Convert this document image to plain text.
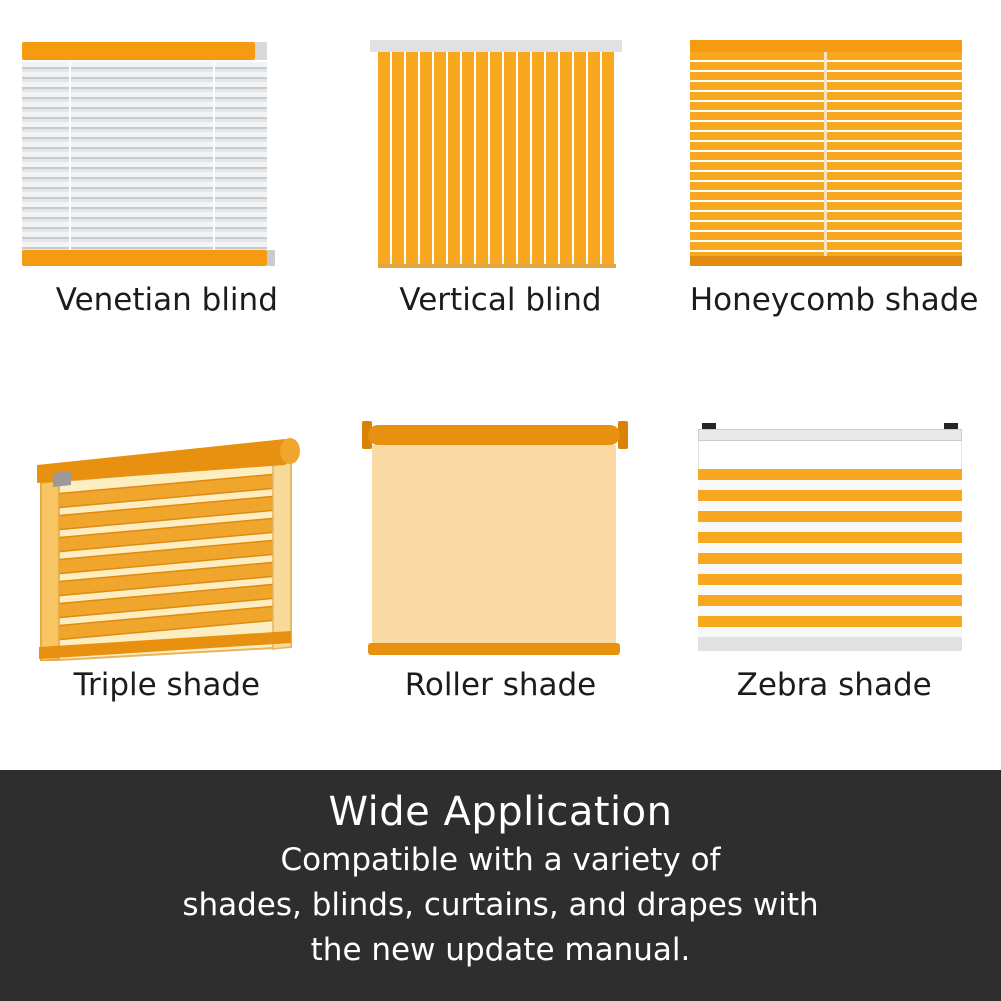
Venetian blind	Vertical blind	Honeycomb shade
Triple shade	Roller shade	Zebra shade
Wide Application
Compatible with a variety of
shades, blinds, curtains, and drapes with
the new update manual.
